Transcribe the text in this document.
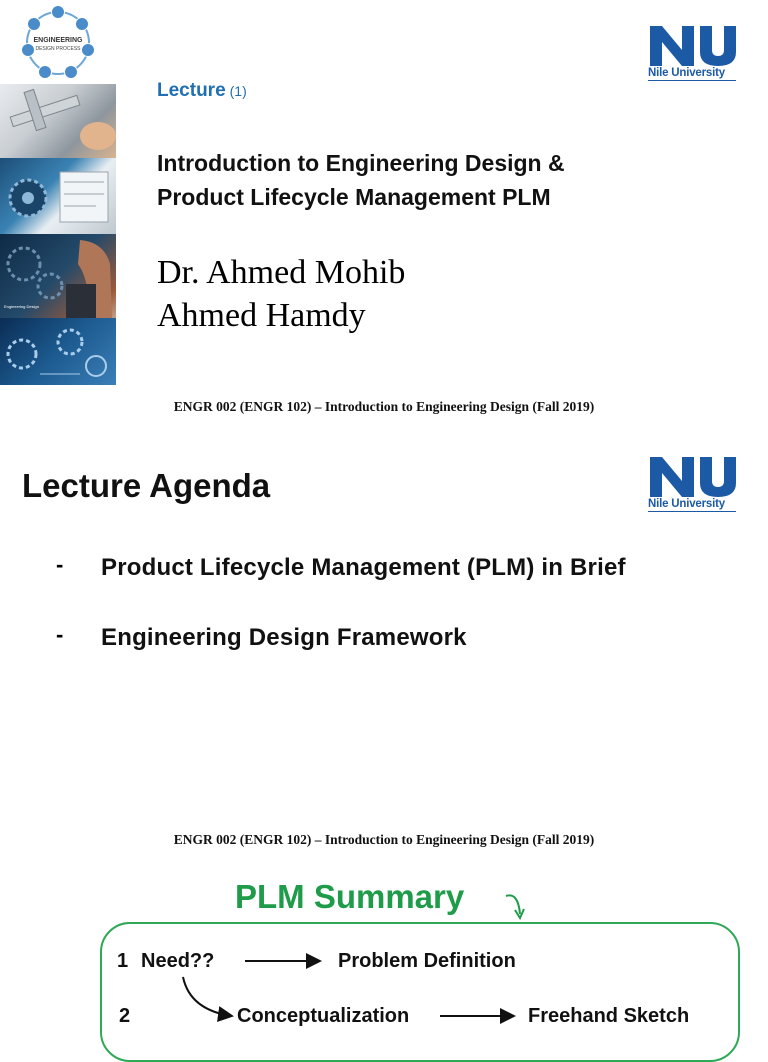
ENGINEERING
DESIGN PROCESS
Engineering Design
Nile University
Lecture (1)
Introduction to Engineering Design &
Product Lifecycle Management PLM
Dr. Ahmed Mohib
Ahmed Hamdy
ENGR 002 (ENGR 102) – Introduction to Engineering Design (Fall 2019)
Lecture Agenda	Nile University
- Product Lifecycle Management (PLM) in Brief
- Engineering Design Framework
ENGR 002 (ENGR 102) – Introduction to Engineering Design (Fall 2019)
PLM Summary
1 Need??	Problem Definition
2	Conceptualization	Freehand Sketch
